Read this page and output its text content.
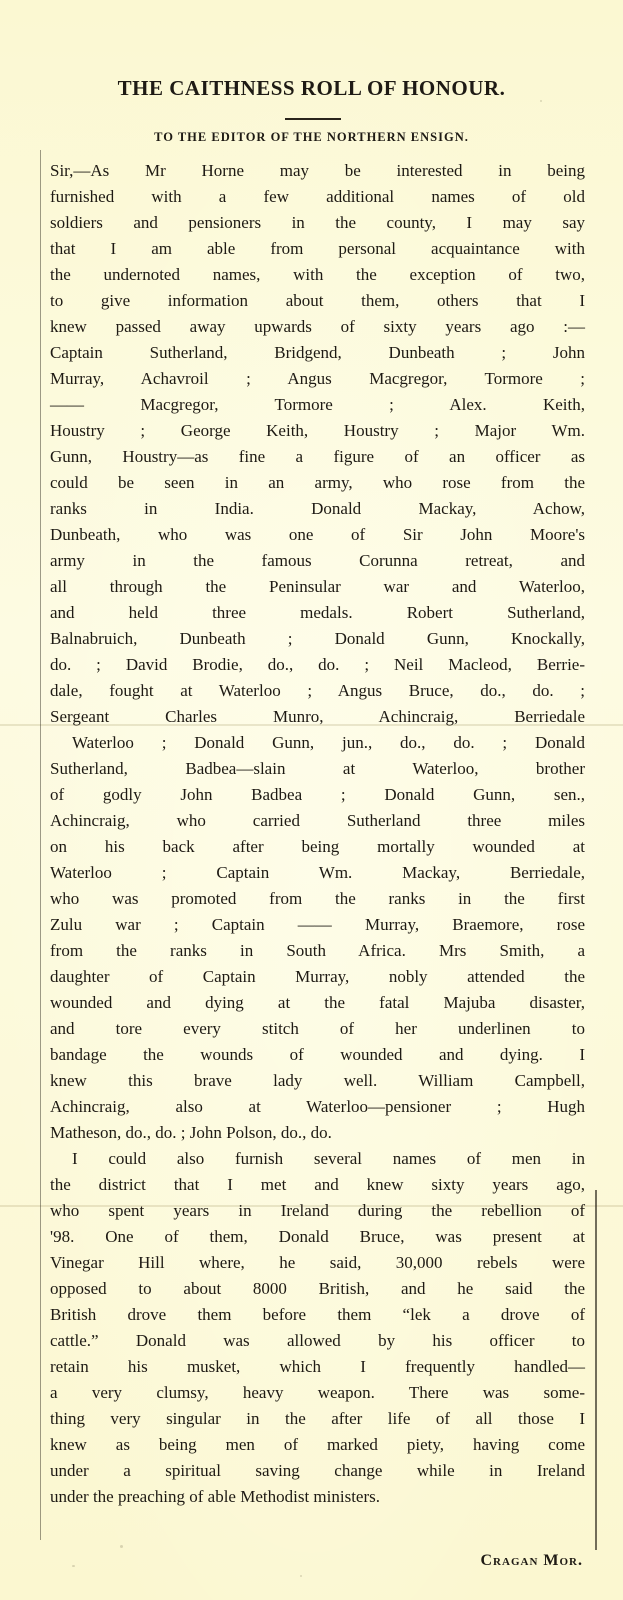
THE CAITHNESS ROLL OF HONOUR.
TO THE EDITOR OF THE NORTHERN ENSIGN.
Sir,—As Mr Horne may be interested in being
furnished with a few additional names of old
soldiers and pensioners in the county, I may say
that I am able from personal acquaintance with
the undernoted names, with the exception of two,
to give information about them, others that I
knew passed away upwards of sixty years ago :—
Captain Sutherland, Bridgend, Dunbeath ; John
Murray, Achavroil ; Angus Macgregor, Tormore ;
—— Macgregor, Tormore ; Alex. Keith,
Houstry ; George Keith, Houstry ; Major Wm.
Gunn, Houstry—as fine a figure of an officer as
could be seen in an army, who rose from the
ranks in India. Donald Mackay, Achow,
Dunbeath, who was one of Sir John Moore's
army in the famous Corunna retreat, and
all through the Peninsular war and Waterloo,
and held three medals. Robert Sutherland,
Balnabruich, Dunbeath ; Donald Gunn, Knockally,
do. ; David Brodie, do., do. ; Neil Macleod, Berrie-
dale, fought at Waterloo ; Angus Bruce, do., do. ;
Sergeant Charles Munro, Achincraig, Berriedale
Waterloo ; Donald Gunn, jun., do., do. ; Donald
Sutherland, Badbea—slain at Waterloo, brother
of godly John Badbea ; Donald Gunn, sen.,
Achincraig, who carried Sutherland three miles
on his back after being mortally wounded at
Waterloo ; Captain Wm. Mackay, Berriedale,
who was promoted from the ranks in the first
Zulu war ; Captain —— Murray, Braemore, rose
from the ranks in South Africa. Mrs Smith, a
daughter of Captain Murray, nobly attended the
wounded and dying at the fatal Majuba disaster,
and tore every stitch of her underlinen to
bandage the wounds of wounded and dying. I
knew this brave lady well. William Campbell,
Achincraig, also at Waterloo—pensioner ; Hugh
Matheson, do., do. ; John Polson, do., do.
I could also furnish several names of men in
the district that I met and knew sixty years ago,
who spent years in Ireland during the rebellion of
'98. One of them, Donald Bruce, was present at
Vinegar Hill where, he said, 30,000 rebels were
opposed to about 8000 British, and he said the
British drove them before them “lek a drove of
cattle.” Donald was allowed by his officer to
retain his musket, which I frequently handled—
a very clumsy, heavy weapon. There was some-
thing very singular in the after life of all those I
knew as being men of marked piety, having come
under a spiritual saving change while in Ireland
under the preaching of able Methodist ministers.
Cragan Mor.
